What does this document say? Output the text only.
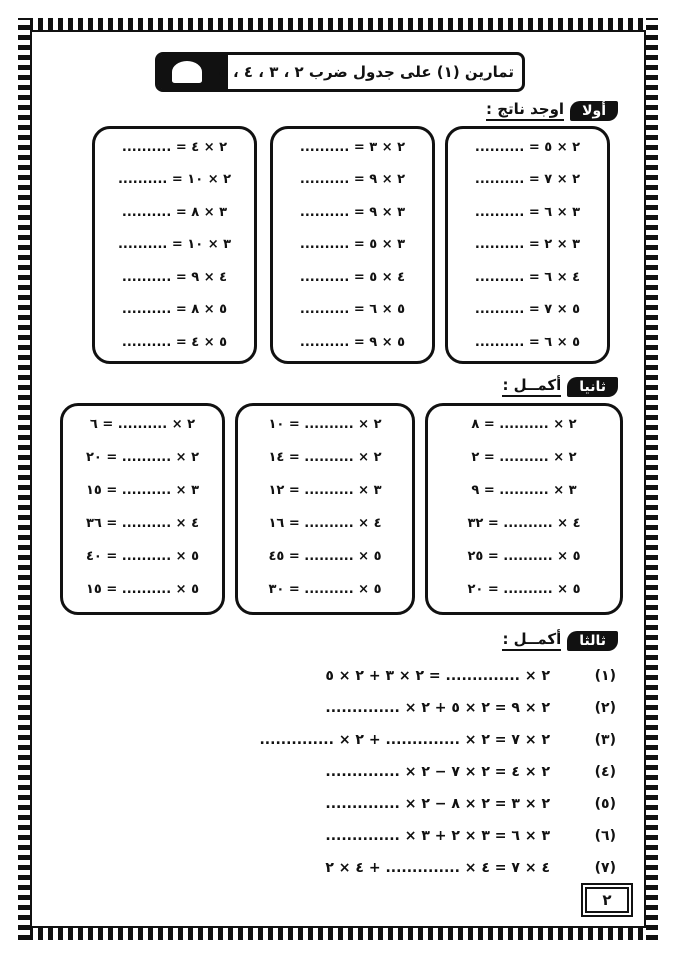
تمارين (١) على جدول ضرب ٢ ، ٣ ، ٤ ، ٥
أولا
اوجد ناتج :
٢ × ٥ = ..........
٢ × ٧ = ..........
٣ × ٦ = ..........
٣ × ٢ = ..........
٤ × ٦ = ..........
٥ × ٧ = ..........
٥ × ٦ = ..........
٢ × ٣ = ..........
٢ × ٩ = ..........
٣ × ٩ = ..........
٣ × ٥ = ..........
٤ × ٥ = ..........
٥ × ٦ = ..........
٥ × ٩ = ..........
٢ × ٤ = ..........
٢ × ١٠ = ..........
٣ × ٨ = ..........
٣ × ١٠ = ..........
٤ × ٩ = ..........
٥ × ٨ = ..........
٥ × ٤ = ..........
ثانيا
أكمــل :
٢ × .......... = ٨
٢ × .......... = ٢
٣ × .......... = ٩
٤ × .......... = ٣٢
٥ × .......... = ٢٥
٥ × .......... = ٢٠
٢ × .......... = ١٠
٢ × .......... = ١٤
٣ × .......... = ١٢
٤ × .......... = ١٦
٥ × .......... = ٤٥
٥ × .......... = ٣٠
٢ × .......... = ٦
٢ × .......... = ٢٠
٣ × .......... = ١٥
٤ × .......... = ٣٦
٥ × .......... = ٤٠
٥ × .......... = ١٥
ثالثا
أكمــل :
(١)
٢ × .............. = ٢ × ٣ + ٢ × ٥
(٢)
٢ × ٩ = ٢ × ٥ + ٢ × ..............
(٣)
٢ × ٧ = ٢ × .............. + ٢ × ..............
(٤)
٢ × ٤ = ٢ × ٧ − ٢ × ..............
(٥)
٢ × ٣ = ٢ × ٨ − ٢ × ..............
(٦)
٣ × ٦ = ٣ × ٢ + ٣ × ..............
(٧)
٤ × ٧ = ٤ × .............. + ٤ × ٢
٢
